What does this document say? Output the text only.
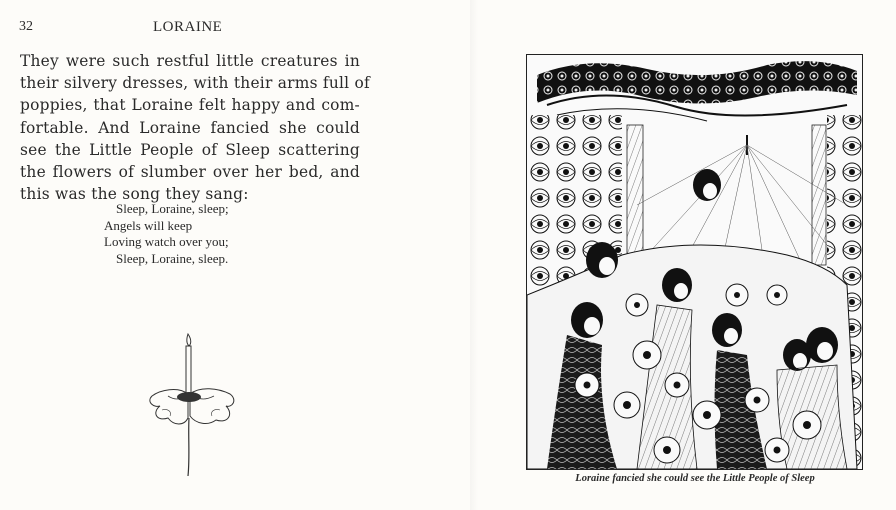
32	LORAINE
They were such restful little creatures in
their silvery dresses, with their arms full of
poppies, that Loraine felt happy and com-
fortable. And Loraine fancied she could
see the Little People of Sleep scattering
the flowers of slumber over her bed, and
this was the song they sang:
Sleep, Loraine, sleep;
Angels will keep
Loving watch over you;
Sleep, Loraine, sleep.
Loraine fancied she could see the Little People of Sleep
